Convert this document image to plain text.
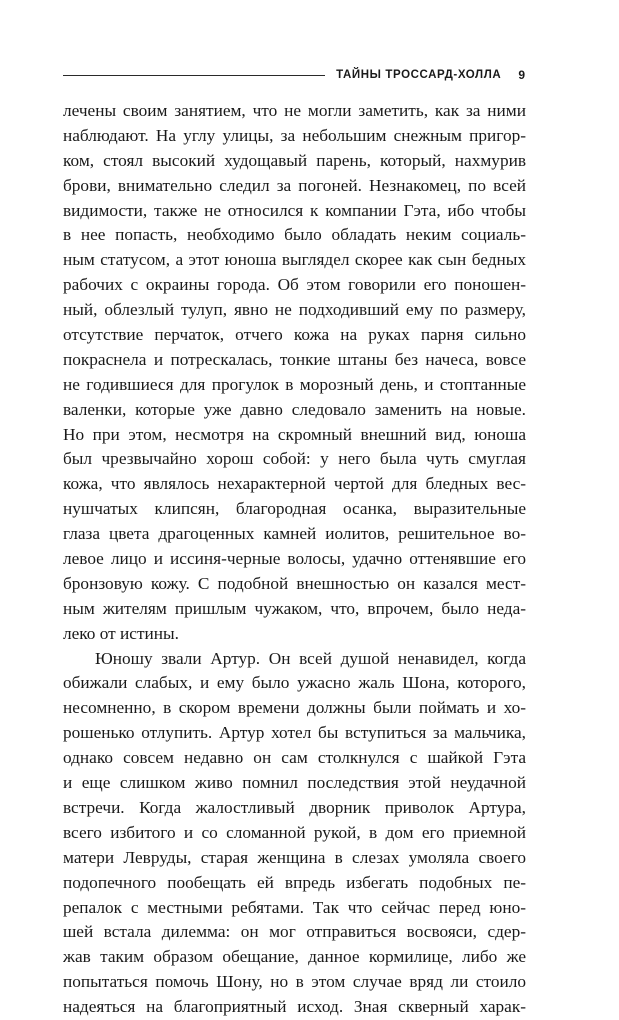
ТАЙНЫ ТРОССАРД-ХОЛЛА	9
лечены своим занятием, что не могли заметить, как за ними
наблюдают. На углу улицы, за небольшим снежным пригор-
ком, стоял высокий худощавый парень, который, нахмурив
брови, внимательно следил за погоней. Незнакомец, по всей
видимости, также не относился к компании Гэта, ибо чтобы
в нее попасть, необходимо было обладать неким социаль-
ным статусом, а этот юноша выглядел скорее как сын бедных
рабочих с окраины города. Об этом говорили его поношен-
ный, облезлый тулуп, явно не подходивший ему по размеру,
отсутствие перчаток, отчего кожа на руках парня сильно
покраснела и потрескалась, тонкие штаны без начеса, вовсе
не годившиеся для прогулок в морозный день, и стоптанные
валенки, которые уже давно следовало заменить на новые.
Но при этом, несмотря на скромный внешний вид, юноша
был чрезвычайно хорош собой: у него была чуть смуглая
кожа, что являлось нехарактерной чертой для бледных вес-
нушчатых клипсян, благородная осанка, выразительные
глаза цвета драгоценных камней иолитов, решительное во-
левое лицо и иссиня-черные волосы, удачно оттенявшие его
бронзовую кожу. С подобной внешностью он казался мест-
ным жителям пришлым чужаком, что, впрочем, было неда-
леко от истины.
Юношу звали Артур. Он всей душой ненавидел, когда
обижали слабых, и ему было ужасно жаль Шона, которого,
несомненно, в скором времени должны были поймать и хо-
рошенько отлупить. Артур хотел бы вступиться за мальчика,
однако совсем недавно он сам столкнулся с шайкой Гэта
и еще слишком живо помнил последствия этой неудачной
встречи. Когда жалостливый дворник приволок Артура,
всего избитого и со сломанной рукой, в дом его приемной
матери Левруды, старая женщина в слезах умоляла своего
подопечного пообещать ей впредь избегать подобных пе-
репалок с местными ребятами. Так что сейчас перед юно-
шей встала дилемма: он мог отправиться восвояси, сдер-
жав таким образом обещание, данное кормилице, либо же
попытаться помочь Шону, но в этом случае вряд ли стоило
надеяться на благоприятный исход. Зная скверный харак-
